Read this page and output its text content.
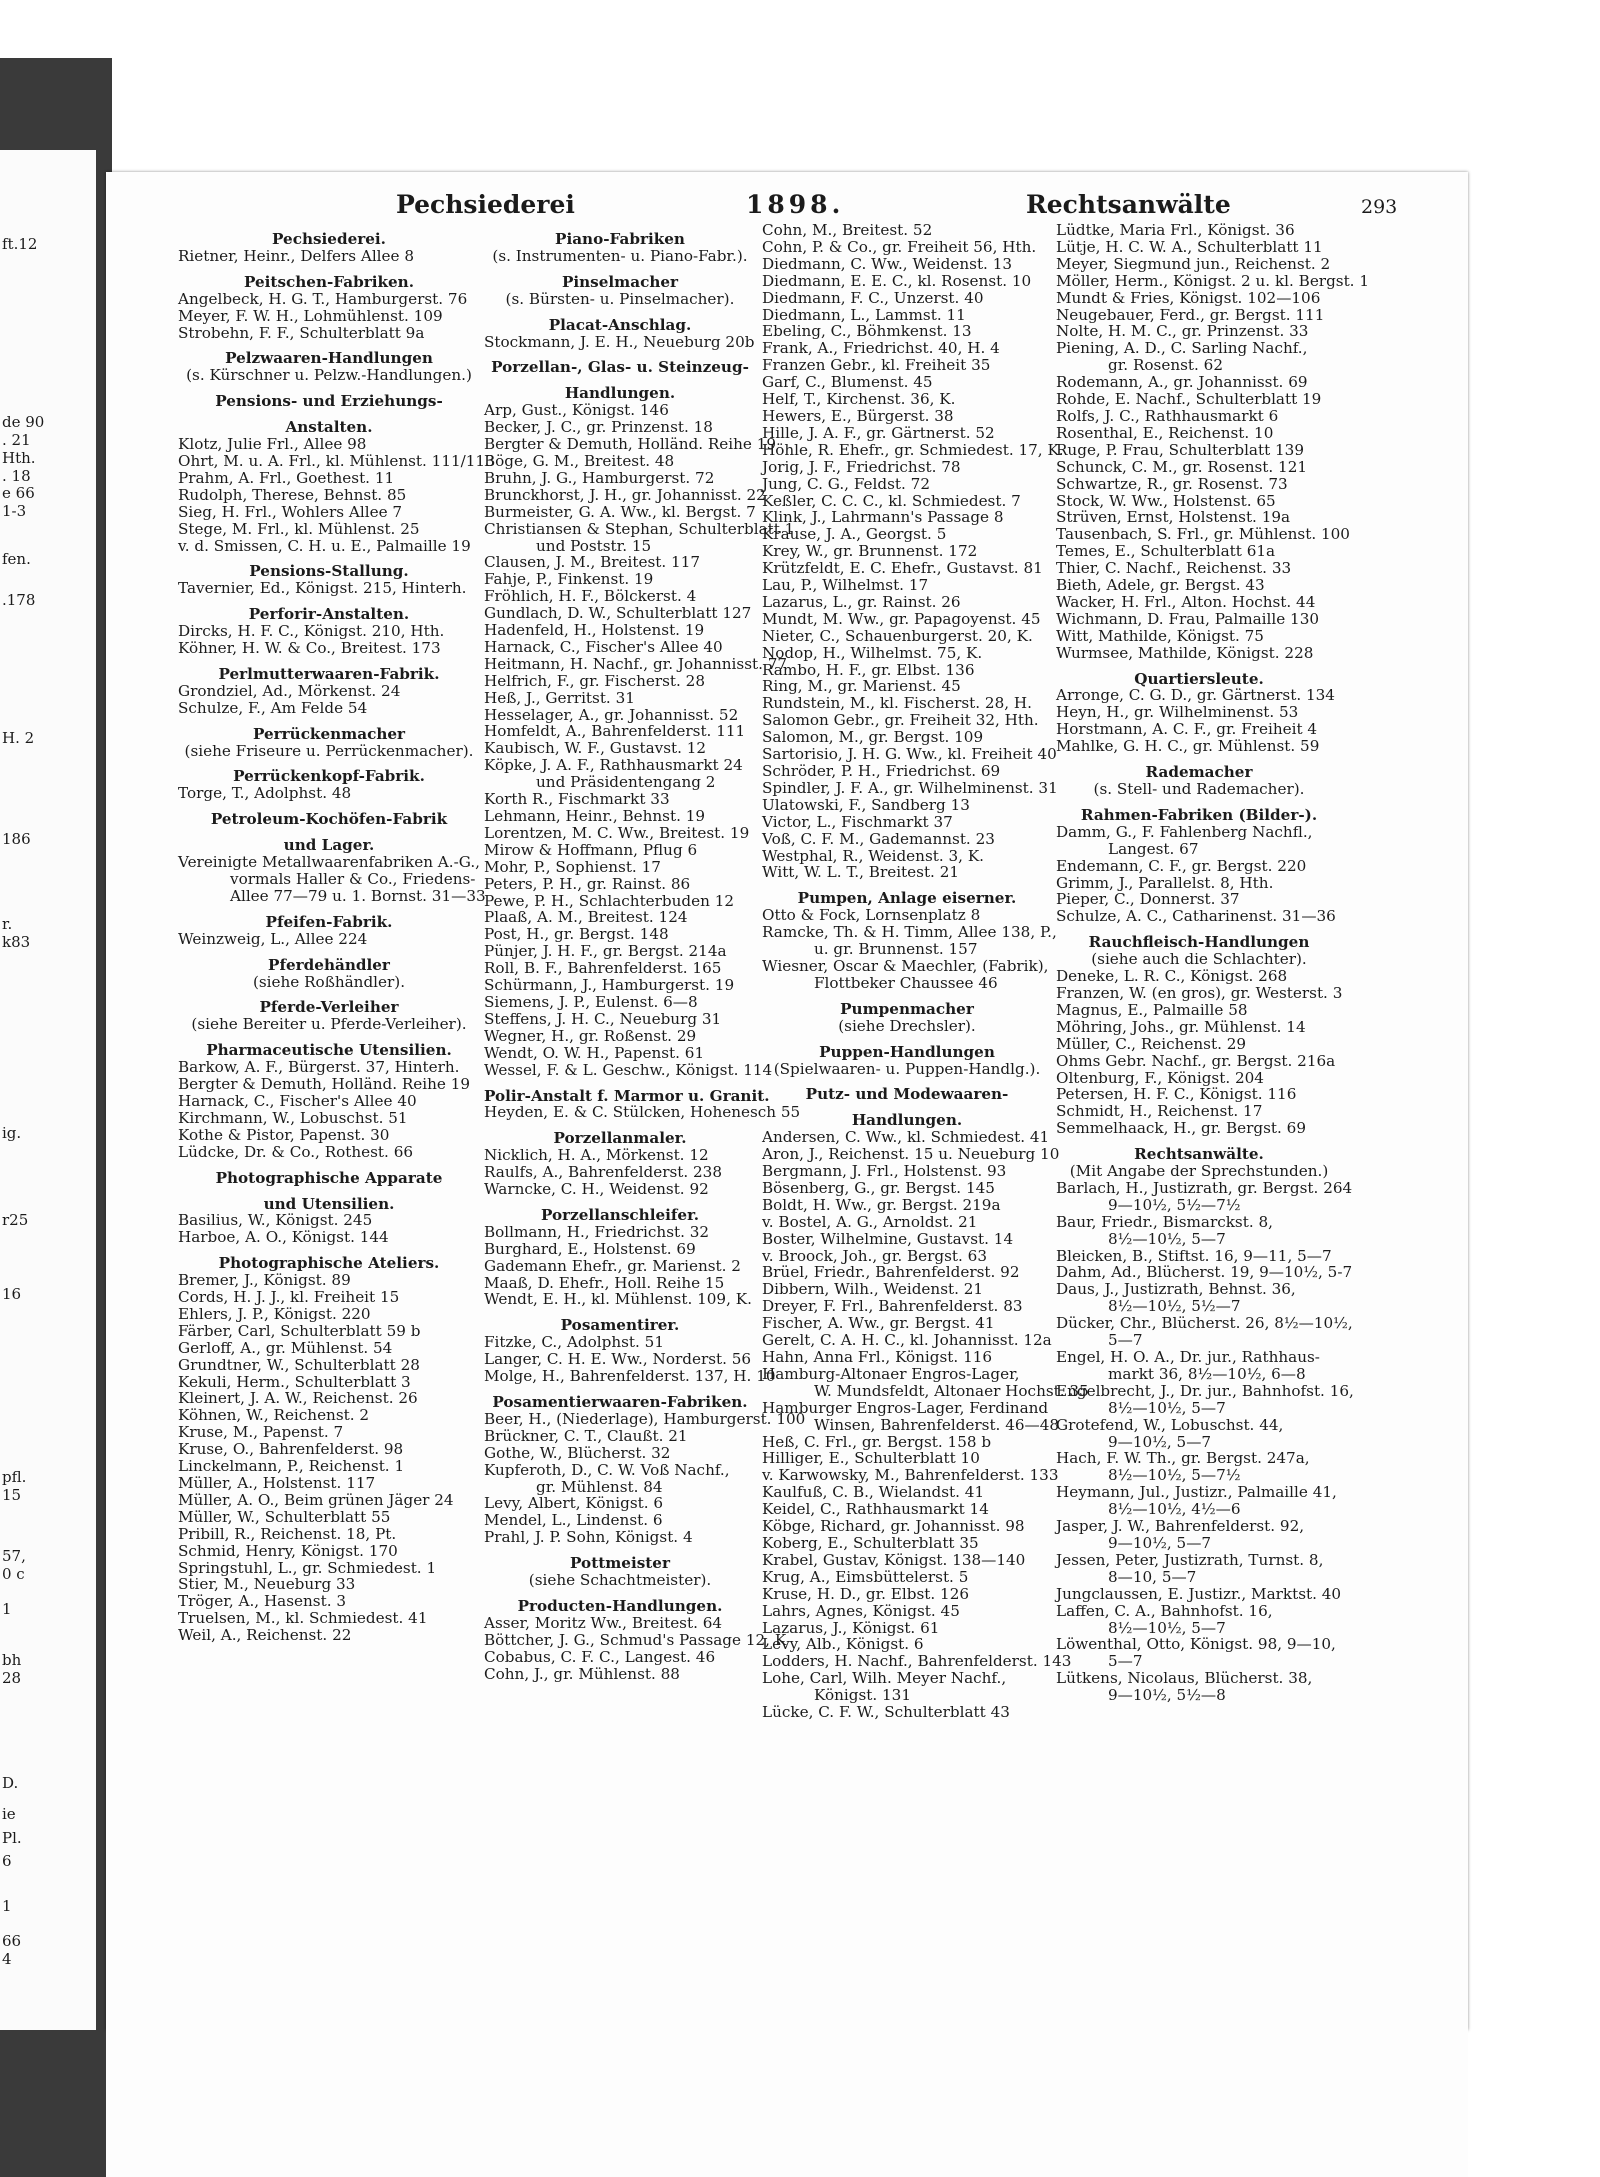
ft.12
de 90
. 21
Hth.
. 18
e 66
1-3
fen.
.178
H. 2
186
r.
k83
ig.
r25
16
pfl.
15
57,
0 c
1
bh
28
D.
ie
Pl.
6
1
66
4
Pechsiederei	1898.	Rechtsanwälte	293
Pechsiederei.
Rietner, Heinr., Delfers Allee 8
Peitschen-Fabriken.
Angelbeck, H. G. T., Hamburgerst. 76
Meyer, F. W. H., Lohmühlenst. 109
Strobehn, F. F., Schulterblatt 9a
Pelzwaaren-Handlungen
(s. Kürschner u. Pelzw.-Handlungen.)
Pensions- und Erziehungs-
Anstalten.
Klotz, Julie Frl., Allee 98
Ohrt, M. u. A. Frl., kl. Mühlenst. 111/113
Prahm, A. Frl., Goethest. 11
Rudolph, Therese, Behnst. 85
Sieg, H. Frl., Wohlers Allee 7
Stege, M. Frl., kl. Mühlenst. 25
v. d. Smissen, C. H. u. E., Palmaille 19
Pensions-Stallung.
Tavernier, Ed., Königst. 215, Hinterh.
Perforir-Anstalten.
Dircks, H. F. C., Königst. 210, Hth.
Köhner, H. W. & Co., Breitest. 173
Perlmutterwaaren-Fabrik.
Grondziel, Ad., Mörkenst. 24
Schulze, F., Am Felde 54
Perrückenmacher
(siehe Friseure u. Perrückenmacher).
Perrückenkopf-Fabrik.
Torge, T., Adolphst. 48
Petroleum-Kochöfen-Fabrik
und Lager.
Vereinigte Metallwaarenfabriken A.-G.,
vormals Haller & Co., Friedens-
Allee 77—79 u. 1. Bornst. 31—33
Pfeifen-Fabrik.
Weinzweig, L., Allee 224
Pferdehändler
(siehe Roßhändler).
Pferde-Verleiher
(siehe Bereiter u. Pferde-Verleiher).
Pharmaceutische Utensilien.
Barkow, A. F., Bürgerst. 37, Hinterh.
Bergter & Demuth, Holländ. Reihe 19
Harnack, C., Fischer's Allee 40
Kirchmann, W., Lobuschst. 51
Kothe & Pistor, Papenst. 30
Lüdcke, Dr. & Co., Rothest. 66
Photographische Apparate
und Utensilien.
Basilius, W., Königst. 245
Harboe, A. O., Königst. 144
Photographische Ateliers.
Bremer, J., Königst. 89
Cords, H. J. J., kl. Freiheit 15
Ehlers, J. P., Königst. 220
Färber, Carl, Schulterblatt 59 b
Gerloff, A., gr. Mühlenst. 54
Grundtner, W., Schulterblatt 28
Kekuli, Herm., Schulterblatt 3
Kleinert, J. A. W., Reichenst. 26
Köhnen, W., Reichenst. 2
Kruse, M., Papenst. 7
Kruse, O., Bahrenfelderst. 98
Linckelmann, P., Reichenst. 1
Müller, A., Holstenst. 117
Müller, A. O., Beim grünen Jäger 24
Müller, W., Schulterblatt 55
Pribill, R., Reichenst. 18, Pt.
Schmid, Henry, Königst. 170
Springstuhl, L., gr. Schmiedest. 1
Stier, M., Neueburg 33
Tröger, A., Hasenst. 3
Truelsen, M., kl. Schmiedest. 41
Weil, A., Reichenst. 22
Piano-Fabriken
(s. Instrumenten- u. Piano-Fabr.).
Pinselmacher
(s. Bürsten- u. Pinselmacher).
Placat-Anschlag.
Stockmann, J. E. H., Neueburg 20b
Porzellan-, Glas- u. Steinzeug-
Handlungen.
Arp, Gust., Königst. 146
Becker, J. C., gr. Prinzenst. 18
Bergter & Demuth, Holländ. Reihe 19
Böge, G. M., Breitest. 48
Bruhn, J. G., Hamburgerst. 72
Brunckhorst, J. H., gr. Johannisst. 22
Burmeister, G. A. Ww., kl. Bergst. 7
Christiansen & Stephan, Schulterblatt 1
und Poststr. 15
Clausen, J. M., Breitest. 117
Fahje, P., Finkenst. 19
Fröhlich, H. F., Bölckerst. 4
Gundlach, D. W., Schulterblatt 127
Hadenfeld, H., Holstenst. 19
Harnack, C., Fischer's Allee 40
Heitmann, H. Nachf., gr. Johannisst. 77
Helfrich, F., gr. Fischerst. 28
Heß, J., Gerritst. 31
Hesselager, A., gr. Johannisst. 52
Homfeldt, A., Bahrenfelderst. 111
Kaubisch, W. F., Gustavst. 12
Köpke, J. A. F., Rathhausmarkt 24
und Präsidentengang 2
Korth R., Fischmarkt 33
Lehmann, Heinr., Behnst. 19
Lorentzen, M. C. Ww., Breitest. 19
Mirow & Hoffmann, Pflug 6
Mohr, P., Sophienst. 17
Peters, P. H., gr. Rainst. 86
Pewe, P. H., Schlachterbuden 12
Plaaß, A. M., Breitest. 124
Post, H., gr. Bergst. 148
Pünjer, J. H. F., gr. Bergst. 214a
Roll, B. F., Bahrenfelderst. 165
Schürmann, J., Hamburgerst. 19
Siemens, J. P., Eulenst. 6—8
Steffens, J. H. C., Neueburg 31
Wegner, H., gr. Roßenst. 29
Wendt, O. W. H., Papenst. 61
Wessel, F. & L. Geschw., Königst. 114
Polir-Anstalt f. Marmor u. Granit.
Heyden, E. & C. Stülcken, Hohenesch 55
Porzellanmaler.
Nicklich, H. A., Mörkenst. 12
Raulfs, A., Bahrenfelderst. 238
Warncke, C. H., Weidenst. 92
Porzellanschleifer.
Bollmann, H., Friedrichst. 32
Burghard, E., Holstenst. 69
Gademann Ehefr., gr. Marienst. 2
Maaß, D. Ehefr., Holl. Reihe 15
Wendt, E. H., kl. Mühlenst. 109, K.
Posamentirer.
Fitzke, C., Adolphst. 51
Langer, C. H. E. Ww., Norderst. 56
Molge, H., Bahrenfelderst. 137, H. 10
Posamentierwaaren-Fabriken.
Beer, H., (Niederlage), Hamburgerst. 100
Brückner, C. T., Claußt. 21
Gothe, W., Blücherst. 32
Kupferoth, D., C. W. Voß Nachf.,
gr. Mühlenst. 84
Levy, Albert, Königst. 6
Mendel, L., Lindenst. 6
Prahl, J. P. Sohn, Königst. 4
Pottmeister
(siehe Schachtmeister).
Producten-Handlungen.
Asser, Moritz Ww., Breitest. 64
Böttcher, J. G., Schmud's Passage 12, K
Cobabus, C. F. C., Langest. 46
Cohn, J., gr. Mühlenst. 88
Cohn, M., Breitest. 52
Cohn, P. & Co., gr. Freiheit 56, Hth.
Diedmann, C. Ww., Weidenst. 13
Diedmann, E. E. C., kl. Rosenst. 10
Diedmann, F. C., Unzerst. 40
Diedmann, L., Lammst. 11
Ebeling, C., Böhmkenst. 13
Frank, A., Friedrichst. 40, H. 4
Franzen Gebr., kl. Freiheit 35
Garf, C., Blumenst. 45
Helf, T., Kirchenst. 36, K.
Hewers, E., Bürgerst. 38
Hille, J. A. F., gr. Gärtnerst. 52
Höhle, R. Ehefr., gr. Schmiedest. 17, K.
Jorig, J. F., Friedrichst. 78
Jung, C. G., Feldst. 72
Keßler, C. C. C., kl. Schmiedest. 7
Klink, J., Lahrmann's Passage 8
Krause, J. A., Georgst. 5
Krey, W., gr. Brunnenst. 172
Krützfeldt, E. C. Ehefr., Gustavst. 81
Lau, P., Wilhelmst. 17
Lazarus, L., gr. Rainst. 26
Mundt, M. Ww., gr. Papagoyenst. 45
Nieter, C., Schauenburgerst. 20, K.
Nodop, H., Wilhelmst. 75, K.
Rambo, H. F., gr. Elbst. 136
Ring, M., gr. Marienst. 45
Rundstein, M., kl. Fischerst. 28, H.
Salomon Gebr., gr. Freiheit 32, Hth.
Salomon, M., gr. Bergst. 109
Sartorisio, J. H. G. Ww., kl. Freiheit 40
Schröder, P. H., Friedrichst. 69
Spindler, J. F. A., gr. Wilhelminenst. 31
Ulatowski, F., Sandberg 13
Victor, L., Fischmarkt 37
Voß, C. F. M., Gademannst. 23
Westphal, R., Weidenst. 3, K.
Witt, W. L. T., Breitest. 21
Pumpen, Anlage eiserner.
Otto & Fock, Lornsenplatz 8
Ramcke, Th. & H. Timm, Allee 138, P.,
u. gr. Brunnenst. 157
Wiesner, Oscar & Maechler, (Fabrik),
Flottbeker Chaussee 46
Pumpenmacher
(siehe Drechsler).
Puppen-Handlungen
(Spielwaaren- u. Puppen-Handlg.).
Putz- und Modewaaren-
Handlungen.
Andersen, C. Ww., kl. Schmiedest. 41
Aron, J., Reichenst. 15 u. Neueburg 10
Bergmann, J. Frl., Holstenst. 93
Bösenberg, G., gr. Bergst. 145
Boldt, H. Ww., gr. Bergst. 219a
v. Bostel, A. G., Arnoldst. 21
Boster, Wilhelmine, Gustavst. 14
v. Broock, Joh., gr. Bergst. 63
Brüel, Friedr., Bahrenfelderst. 92
Dibbern, Wilh., Weidenst. 21
Dreyer, F. Frl., Bahrenfelderst. 83
Fischer, A. Ww., gr. Bergst. 41
Gerelt, C. A. H. C., kl. Johannisst. 12a
Hahn, Anna Frl., Königst. 116
Hamburg-Altonaer Engros-Lager,
W. Mundsfeldt, Altonaer Hochst. 35
Hamburger Engros-Lager, Ferdinand
Winsen, Bahrenfelderst. 46—48
Heß, C. Frl., gr. Bergst. 158 b
Hilliger, E., Schulterblatt 10
v. Karwowsky, M., Bahrenfelderst. 133
Kaulfuß, C. B., Wielandst. 41
Keidel, C., Rathhausmarkt 14
Köbge, Richard, gr. Johannisst. 98
Koberg, E., Schulterblatt 35
Krabel, Gustav, Königst. 138—140
Krug, A., Eimsbüttelerst. 5
Kruse, H. D., gr. Elbst. 126
Lahrs, Agnes, Königst. 45
Lazarus, J., Königst. 61
Levy, Alb., Königst. 6
Lodders, H. Nachf., Bahrenfelderst. 143
Lohe, Carl, Wilh. Meyer Nachf.,
Königst. 131
Lücke, C. F. W., Schulterblatt 43
Lüdtke, Maria Frl., Königst. 36
Lütje, H. C. W. A., Schulterblatt 11
Meyer, Siegmund jun., Reichenst. 2
Möller, Herm., Königst. 2 u. kl. Bergst. 1
Mundt & Fries, Königst. 102—106
Neugebauer, Ferd., gr. Bergst. 111
Nolte, H. M. C., gr. Prinzenst. 33
Piening, A. D., C. Sarling Nachf.,
gr. Rosenst. 62
Rodemann, A., gr. Johannisst. 69
Rohde, E. Nachf., Schulterblatt 19
Rolfs, J. C., Rathhausmarkt 6
Rosenthal, E., Reichenst. 10
Ruge, P. Frau, Schulterblatt 139
Schunck, C. M., gr. Rosenst. 121
Schwartze, R., gr. Rosenst. 73
Stock, W. Ww., Holstenst. 65
Strüven, Ernst, Holstenst. 19a
Tausenbach, S. Frl., gr. Mühlenst. 100
Temes, E., Schulterblatt 61a
Thier, C. Nachf., Reichenst. 33
Bieth, Adele, gr. Bergst. 43
Wacker, H. Frl., Alton. Hochst. 44
Wichmann, D. Frau, Palmaille 130
Witt, Mathilde, Königst. 75
Wurmsee, Mathilde, Königst. 228
Quartiersleute.
Arronge, C. G. D., gr. Gärtnerst. 134
Heyn, H., gr. Wilhelminenst. 53
Horstmann, A. C. F., gr. Freiheit 4
Mahlke, G. H. C., gr. Mühlenst. 59
Rademacher
(s. Stell- und Rademacher).
Rahmen-Fabriken (Bilder-).
Damm, G., F. Fahlenberg Nachfl.,
Langest. 67
Endemann, C. F., gr. Bergst. 220
Grimm, J., Parallelst. 8, Hth.
Pieper, C., Donnerst. 37
Schulze, A. C., Catharinenst. 31—36
Rauchfleisch-Handlungen
(siehe auch die Schlachter).
Deneke, L. R. C., Königst. 268
Franzen, W. (en gros), gr. Westerst. 3
Magnus, E., Palmaille 58
Möhring, Johs., gr. Mühlenst. 14
Müller, C., Reichenst. 29
Ohms Gebr. Nachf., gr. Bergst. 216a
Oltenburg, F., Königst. 204
Petersen, H. F. C., Königst. 116
Schmidt, H., Reichenst. 17
Semmelhaack, H., gr. Bergst. 69
Rechtsanwälte.
(Mit Angabe der Sprechstunden.)
Barlach, H., Justizrath, gr. Bergst. 264
9—10½, 5½—7½
Baur, Friedr., Bismarckst. 8,
8½—10½, 5—7
Bleicken, B., Stiftst. 16, 9—11, 5—7
Dahm, Ad., Blücherst. 19, 9—10½, 5-7
Daus, J., Justizrath, Behnst. 36,
8½—10½, 5½—7
Dücker, Chr., Blücherst. 26, 8½—10½,
5—7
Engel, H. O. A., Dr. jur., Rathhaus-
markt 36, 8½—10½, 6—8
Engelbrecht, J., Dr. jur., Bahnhofst. 16,
8½—10½, 5—7
Grotefend, W., Lobuschst. 44,
9—10½, 5—7
Hach, F. W. Th., gr. Bergst. 247a,
8½—10½, 5—7½
Heymann, Jul., Justizr., Palmaille 41,
8½—10½, 4½—6
Jasper, J. W., Bahrenfelderst. 92,
9—10½, 5—7
Jessen, Peter, Justizrath, Turnst. 8,
8—10, 5—7
Jungclaussen, E. Justizr., Marktst. 40
Laffen, C. A., Bahnhofst. 16,
8½—10½, 5—7
Löwenthal, Otto, Königst. 98, 9—10,
5—7
Lütkens, Nicolaus, Blücherst. 38,
9—10½, 5½—8
